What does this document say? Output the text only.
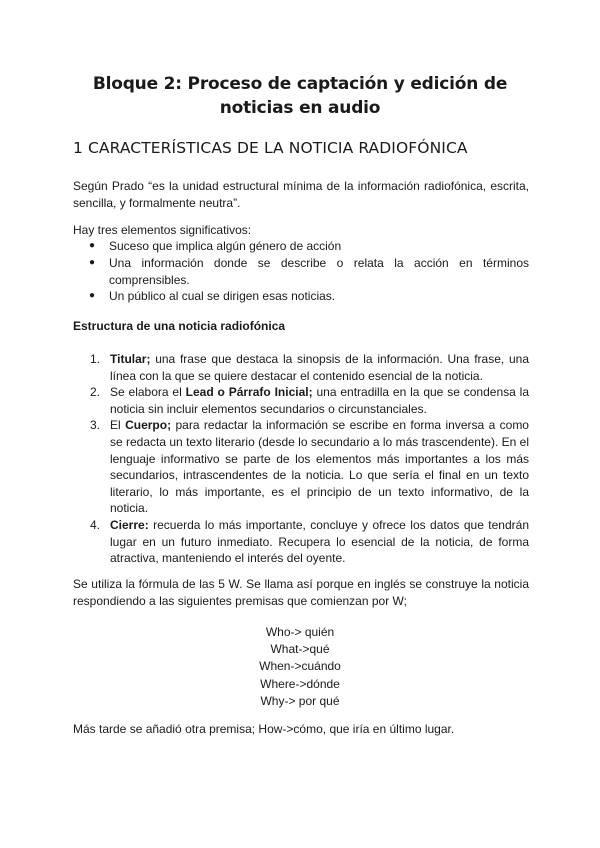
Bloque 2: Proceso de captación y edición de noticias en audio
1 CARACTERÍSTICAS DE LA NOTICIA RADIOFÓNICA
Según Prado “es la unidad estructural mínima de la información radiofónica, escrita, sencilla, y formalmente neutra”.
Hay tres elementos significativos:
● Suceso que implica algún género de acción
● Una información donde se describe o relata la acción en términos comprensibles.
● Un público al cual se dirigen esas noticias.
Estructura de una noticia radiofónica
1. Titular; una frase que destaca la sinopsis de la información. Una frase, una línea con la que se quiere destacar el contenido esencial de la noticia.
2. Se elabora el Lead o Párrafo Inicial; una entradilla en la que se condensa la noticia sin incluir elementos secundarios o circunstanciales.
3. El Cuerpo; para redactar la información se escribe en forma inversa a como se redacta un texto literario (desde lo secundario a lo más trascendente). En el lenguaje informativo se parte de los elementos más importantes a los más secundarios, intrascendentes de la noticia. Lo que sería el final en un texto literario, lo más importante, es el principio de un texto informativo, de la noticia.
4. Cierre: recuerda lo más importante, concluye y ofrece los datos que tendrán lugar en un futuro inmediato. Recupera lo esencial de la noticia, de forma atractiva, manteniendo el interés del oyente.
Se utiliza la fórmula de las 5 W. Se llama así porque en inglés se construye la noticia respondiendo a las siguientes premisas que comienzan por W;
Who-> quién
What->qué
When->cuándo
Where->dónde
Why-> por qué
Más tarde se añadió otra premisa; How->cómo, que iría en último lugar.
